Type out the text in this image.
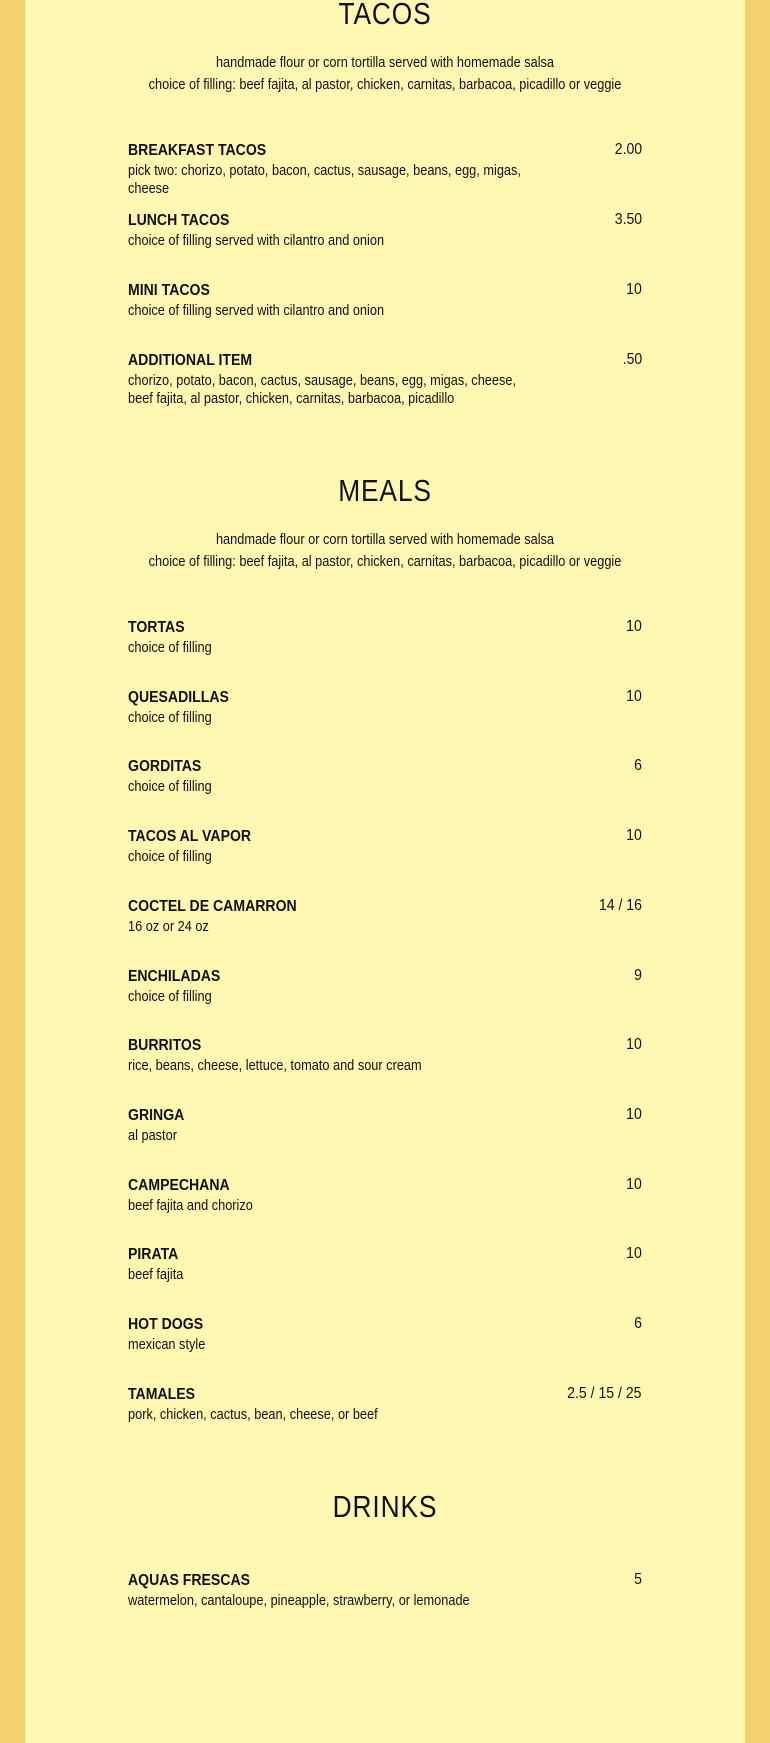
TACOS
handmade flour or corn tortilla served with homemade salsa
choice of filling: beef fajita, al pastor, chicken, carnitas, barbacoa, picadillo or veggie
BREAKFAST TACOS	2.00
pick two: chorizo, potato, bacon, cactus, sausage, beans, egg, migas, cheese
LUNCH TACOS	3.50
choice of filling served with cilantro and onion
MINI TACOS	10
choice of filling served with cilantro and onion
ADDITIONAL ITEM	.50
chorizo, potato, bacon, cactus, sausage, beans, egg, migas, cheese, beef fajita, al pastor, chicken, carnitas, barbacoa, picadillo
MEALS
handmade flour or corn tortilla served with homemade salsa
choice of filling: beef fajita, al pastor, chicken, carnitas, barbacoa, picadillo or veggie
TORTAS	10
choice of filling
QUESADILLAS	10
choice of filling
GORDITAS	6
choice of filling
TACOS AL VAPOR	10
choice of filling
COCTEL DE CAMARRON	14 / 16
16 oz or 24 oz
ENCHILADAS	9
choice of filling
BURRITOS	10
rice, beans, cheese, lettuce, tomato and sour cream
GRINGA	10
al pastor
CAMPECHANA	10
beef fajita and chorizo
PIRATA	10
beef fajita
HOT DOGS	6
mexican style
TAMALES	2.5 / 15 / 25
pork, chicken, cactus, bean, cheese, or beef
DRINKS
AQUAS FRESCAS	5
watermelon, cantaloupe, pineapple, strawberry, or lemonade
